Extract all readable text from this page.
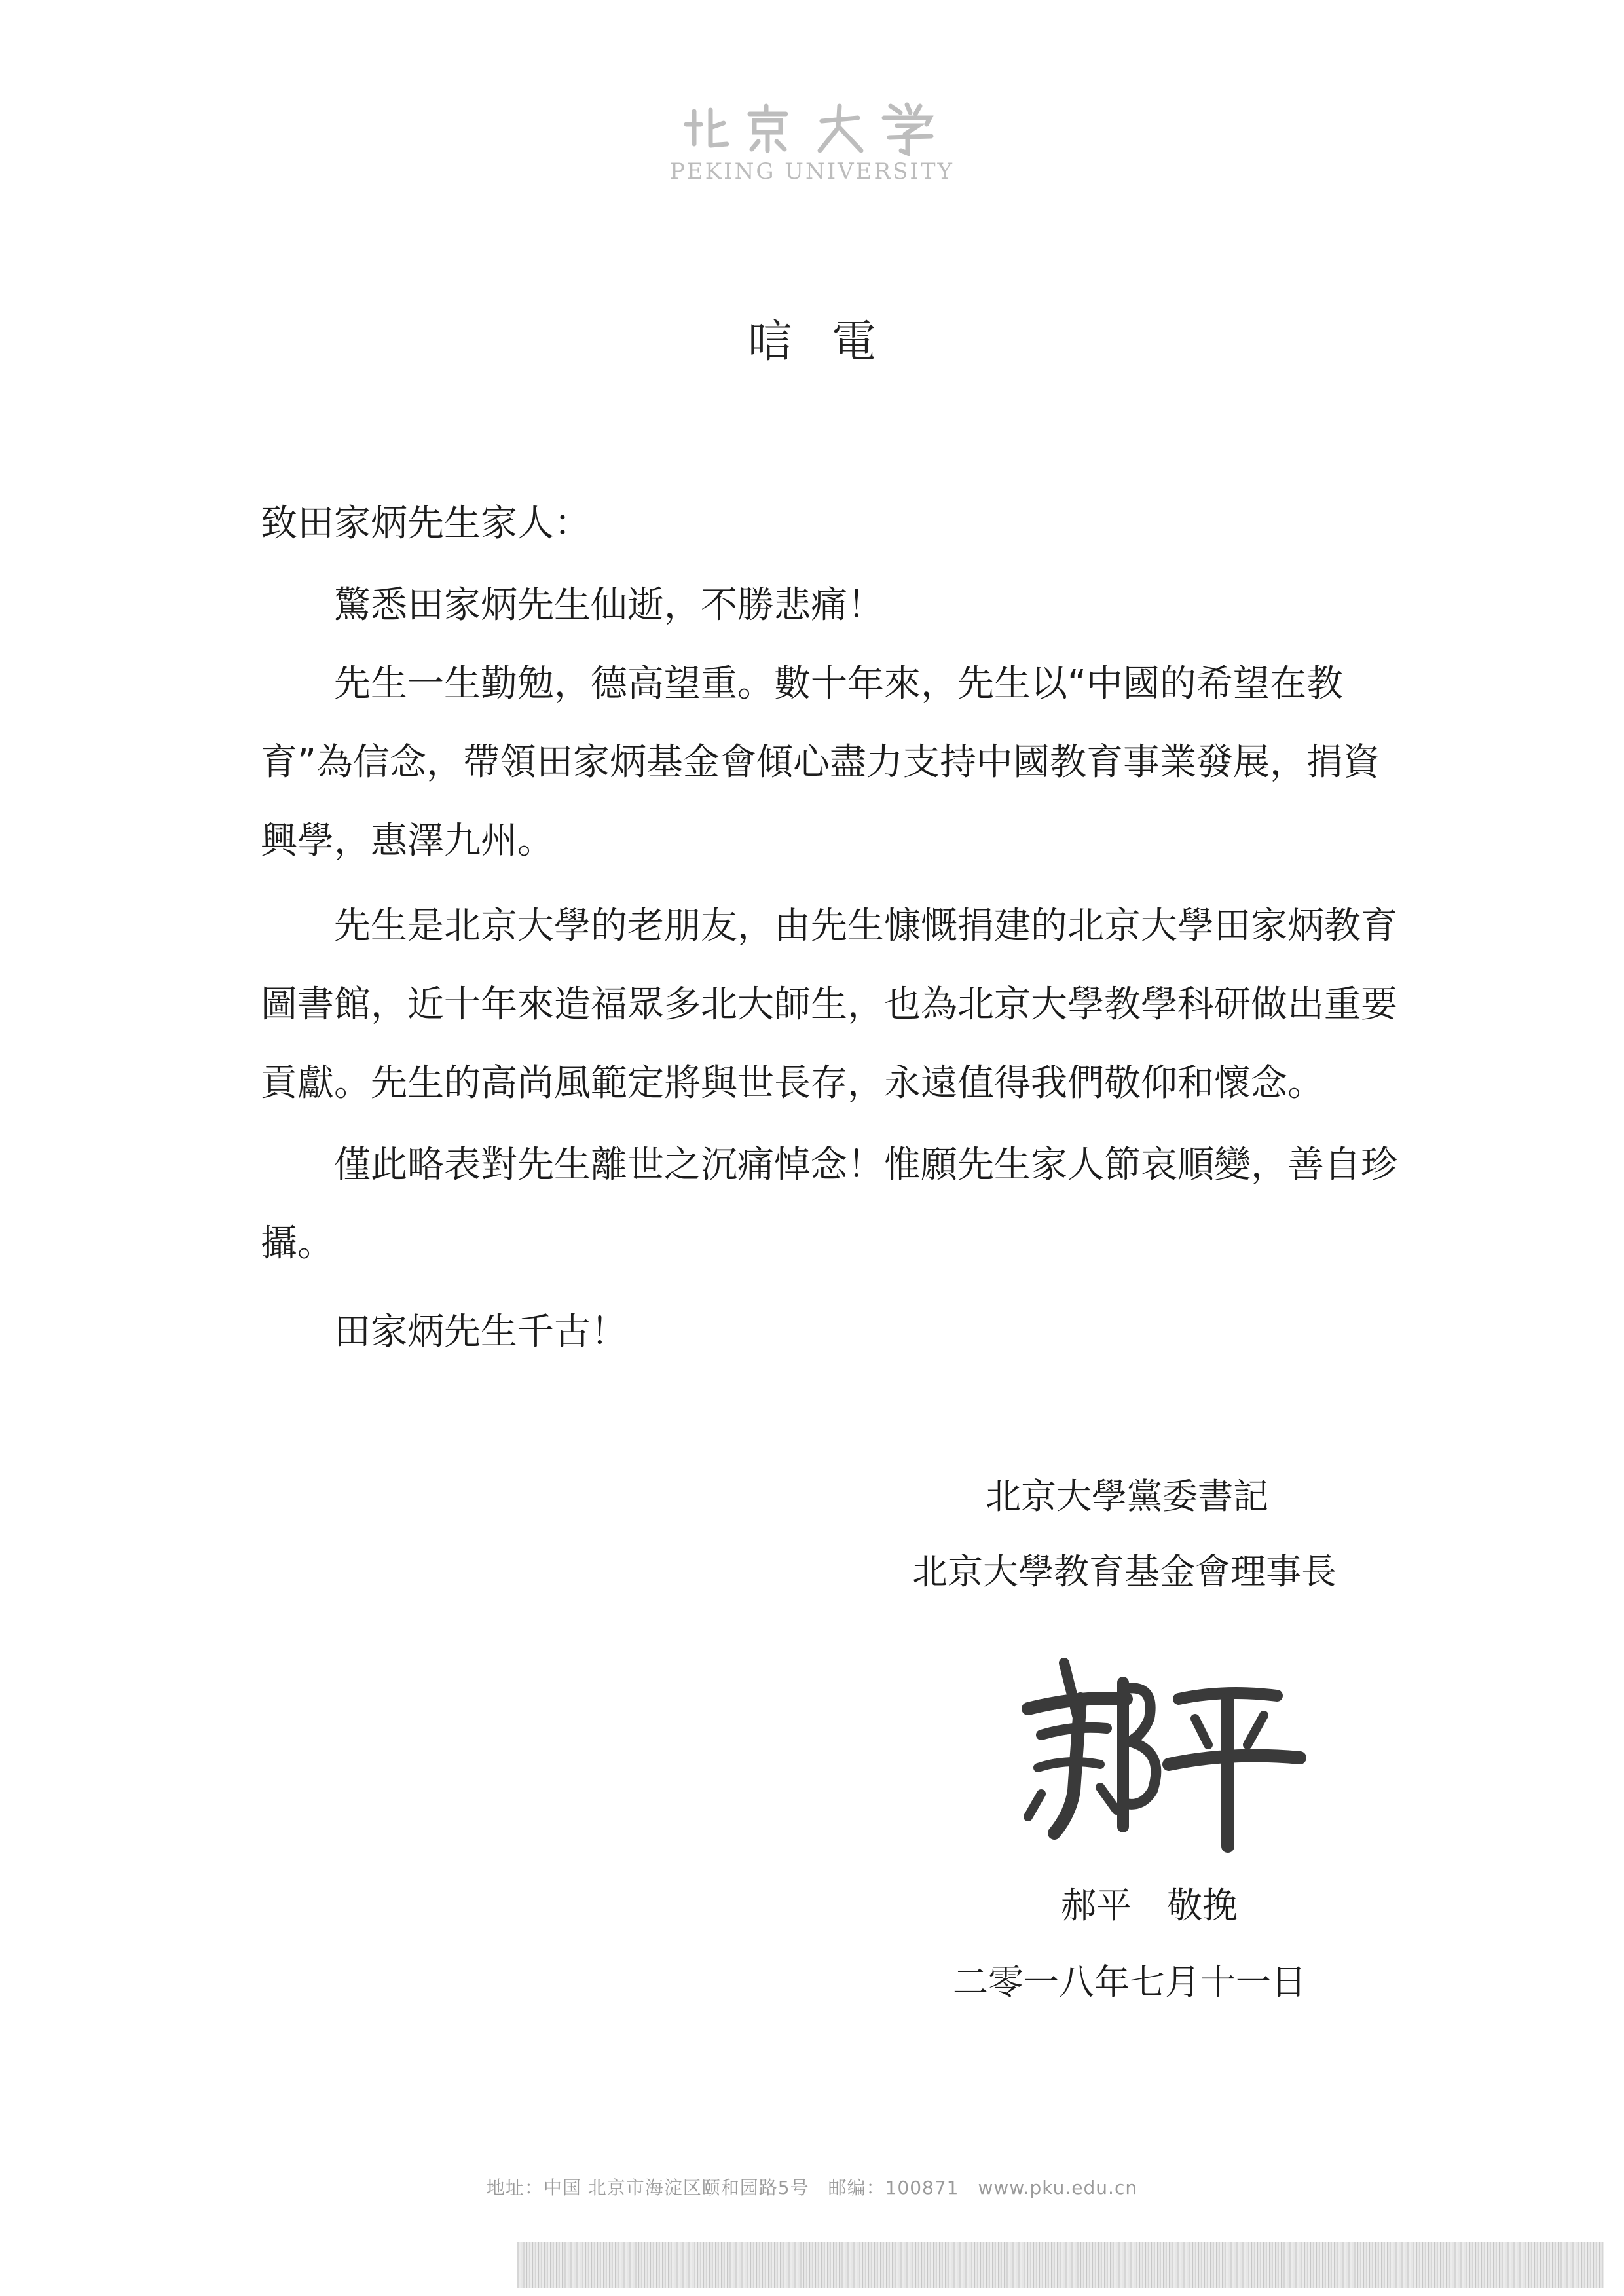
PEKING UNIVERSITY
唁電
致田家炳先生家人：
驚悉田家炳先生仙逝，不勝悲痛！
先生一生勤勉，德高望重。數十年來，先生以“中國的希望在教育”為信念，帶領田家炳基金會傾心盡力支持中國教育事業發展，捐資興學，惠澤九州。
先生是北京大學的老朋友，由先生慷慨捐建的北京大學田家炳教育圖書館，近十年來造福眾多北大師生，也為北京大學教學科研做出重要貢獻。先生的高尚風範定將與世長存，永遠值得我們敬仰和懷念。
僅此略表對先生離世之沉痛悼念！惟願先生家人節哀順變，善自珍攝。
田家炳先生千古！
北京大學黨委書記
北京大學教育基金會理事長
郝平　敬挽
二零一八年七月十一日
地址：中国 北京市海淀区颐和园路5号　邮编：100871　www.pku.edu.cn
